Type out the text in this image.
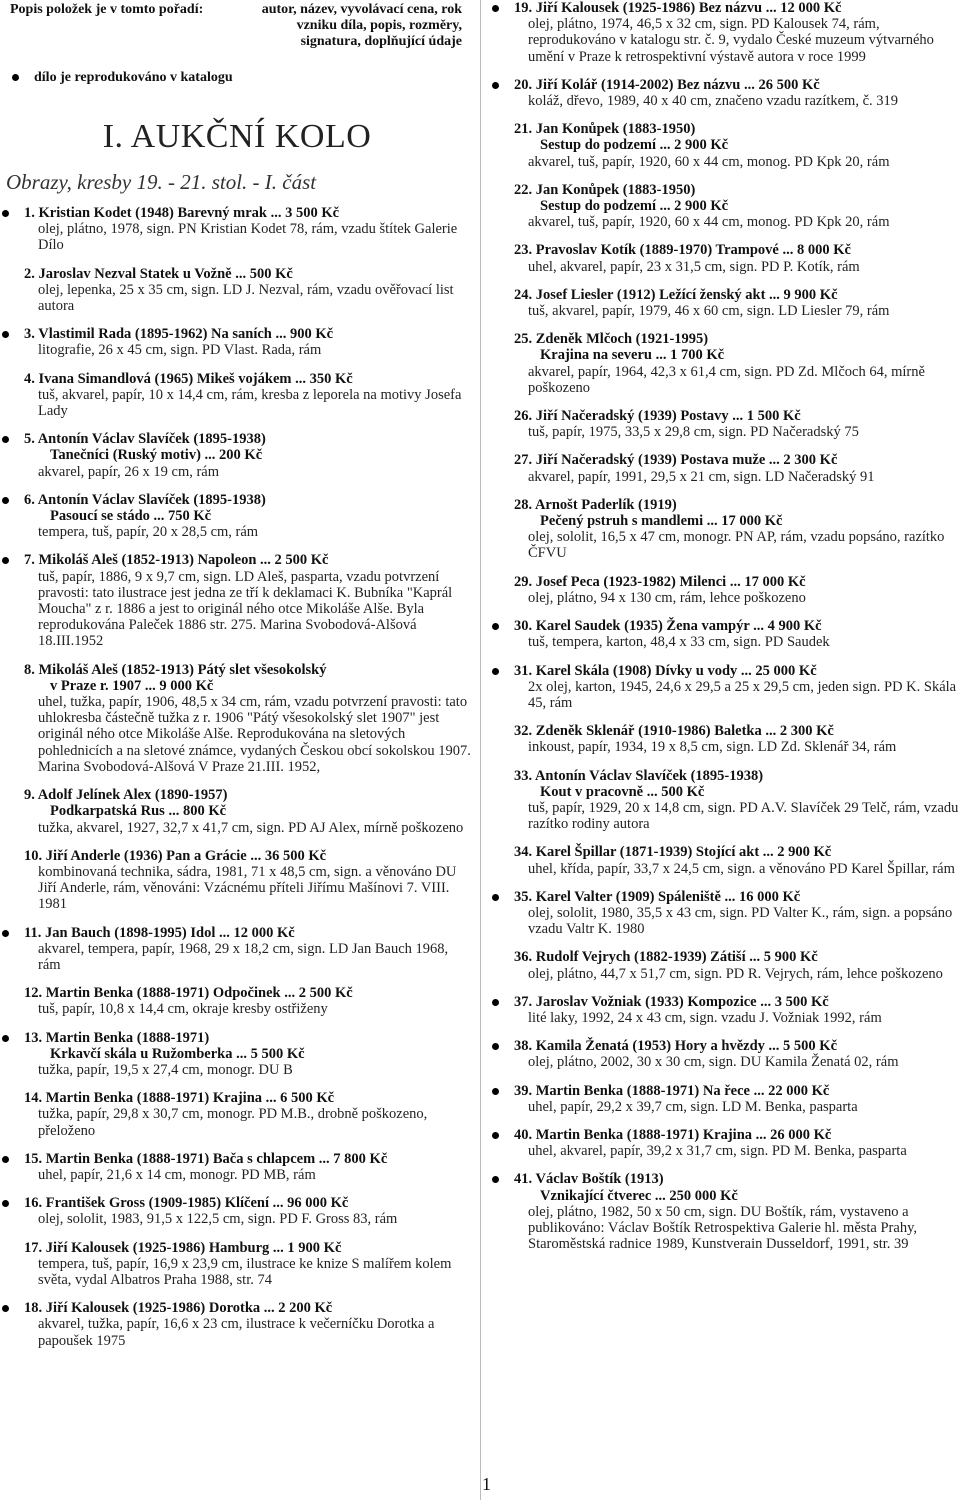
Popis položek je v tomto pořadí:	autor, název, vyvolávací cena, rok vzniku díla, popis, rozměry, signatura, doplňující údaje
dílo je reprodukováno v katalogu
I. AUKČNÍ KOLO
Obrazy, kresby 19. - 21. stol. - I. část
1. Kristian Kodet (1948) Barevný mrak ... 3 500 Kč
olej, plátno, 1978, sign. PN Kristian Kodet 78, rám, vzadu štítek Galerie Dílo
2. Jaroslav Nezval Statek u Vožně ... 500 Kč
olej, lepenka, 25 x 35 cm, sign. LD J. Nezval, rám, vzadu ověřovací list autora
3. Vlastimil Rada (1895-1962) Na saních ... 900 Kč
litografie, 26 x 45 cm, sign. PD Vlast. Rada, rám
4. Ivana Simandlová (1965) Mikeš vojákem ... 350 Kč
tuš, akvarel, papír, 10 x 14,4 cm, rám, kresba z leporela na motivy Josefa Lady
5. Antonín Václav Slavíček (1895-1938)
Tanečníci (Ruský motiv) ... 200 Kč
akvarel, papír, 26 x 19 cm, rám
6. Antonín Václav Slavíček (1895-1938)
Pasoucí se stádo ... 750 Kč
tempera, tuš, papír, 20 x 28,5 cm, rám
7. Mikoláš Aleš (1852-1913) Napoleon ... 2 500 Kč
tuš, papír, 1886, 9 x 9,7 cm, sign. LD Aleš, pasparta, vzadu potvrzení pravosti: tato ilustrace jest jedna ze tří k deklamaci K. Bubníka "Kaprál Moucha" z r. 1886 a jest to originál ného otce Mikoláše Alše. Byla reprodukována Paleček 1886 str. 275. Marina Svobodová-Alšová 18.III.1952
8. Mikoláš Aleš (1852-1913) Pátý slet všesokolský
v Praze r. 1907 ... 9 000 Kč
uhel, tužka, papír, 1906, 48,5 x 34 cm, rám, vzadu potvrzení pravosti: tato uhlokresba částečně tužka z r. 1906 "Pátý všesokolský slet 1907" jest originál ného otce Mikoláše Alše. Reprodukována na sletových pohlednicích a na sletové známce, vydaných Českou obcí sokolskou 1907. Marina Svobodová-Alšová V Praze 21.III. 1952,
9. Adolf Jelínek Alex (1890-1957)
Podkarpatská Rus ... 800 Kč
tužka, akvarel, 1927, 32,7 x 41,7 cm, sign. PD AJ Alex, mírně poškozeno
10. Jiří Anderle (1936) Pan a Grácie ... 36 500 Kč
kombinovaná technika, sádra, 1981, 71 x 48,5 cm, sign. a věnováno DU Jiří Anderle, rám, věnováni: Vzácnému příteli Jiřímu Mašínovi 7. VIII. 1981
11. Jan Bauch (1898-1995) Idol ... 12 000 Kč
akvarel, tempera, papír, 1968, 29 x 18,2 cm, sign. LD Jan Bauch 1968, rám
12. Martin Benka (1888-1971) Odpočinek ... 2 500 Kč
tuš, papír, 10,8 x 14,4 cm, okraje kresby ostřiženy
13. Martin Benka (1888-1971)
Krkavčí skála u Ružomberka ... 5 500 Kč
tužka, papír, 19,5 x 27,4 cm, monogr. DU B
14. Martin Benka (1888-1971) Krajina ... 6 500 Kč
tužka, papír, 29,8 x 30,7 cm, monogr. PD M.B., drobně poškozeno, přeloženo
15. Martin Benka (1888-1971) Bača s chlapcem ... 7 800 Kč
uhel, papír, 21,6 x 14 cm, monogr. PD MB, rám
16. František Gross (1909-1985) Klíčení ... 96 000 Kč
olej, sololit, 1983, 91,5 x 122,5 cm, sign. PD F. Gross 83, rám
17. Jiří Kalousek (1925-1986) Hamburg ... 1 900 Kč
tempera, tuš, papír, 16,9 x 23,9 cm, ilustrace ke knize S malířem kolem světa, vydal Albatros Praha 1988, str. 74
18. Jiří Kalousek (1925-1986) Dorotka ... 2 200 Kč
akvarel, tužka, papír, 16,6 x 23 cm, ilustrace k večerníčku Dorotka a papoušek 1975
19. Jiří Kalousek (1925-1986) Bez názvu ... 12 000 Kč
olej, plátno, 1974, 46,5 x 32 cm, sign. PD Kalousek 74, rám, reprodukováno v katalogu str. č. 9, vydalo České muzeum výtvarného umění v Praze k retrospektivní výstavě autora v roce 1999
20. Jiří Kolář (1914-2002) Bez názvu ... 26 500 Kč
koláž, dřevo, 1989, 40 x 40 cm, značeno vzadu razítkem, č. 319
21. Jan Konůpek (1883-1950)
Sestup do podzemí ... 2 900 Kč
akvarel, tuš, papír, 1920, 60 x 44 cm, monog. PD Kpk 20, rám
22. Jan Konůpek (1883-1950)
Sestup do podzemí ... 2 900 Kč
akvarel, tuš, papír, 1920, 60 x 44 cm, monog. PD Kpk 20, rám
23. Pravoslav Kotík (1889-1970) Trampové ... 8 000 Kč
uhel, akvarel, papír, 23 x 31,5 cm, sign. PD P. Kotík, rám
24. Josef Liesler (1912) Ležící ženský akt ... 9 900 Kč
tuš, akvarel, papír, 1979, 46 x 60 cm, sign. LD Liesler 79, rám
25. Zdeněk Mlčoch (1921-1995)
Krajina na severu ... 1 700 Kč
akvarel, papír, 1964, 42,3 x 61,4 cm, sign. PD Zd. Mlčoch 64, mírně poškozeno
26. Jiří Načeradský (1939) Postavy ... 1 500 Kč
tuš, papír, 1975, 33,5 x 29,8 cm, sign. PD Načeradský 75
27. Jiří Načeradský (1939) Postava muže ... 2 300 Kč
akvarel, papír, 1991, 29,5 x 21 cm, sign. LD Načeradský 91
28. Arnošt Paderlík (1919)
Pečený pstruh s mandlemi ... 17 000 Kč
olej, sololit, 16,5 x 47 cm, monogr. PN AP, rám, vzadu popsáno, razítko ČFVU
29. Josef Peca (1923-1982) Milenci ... 17 000 Kč
olej, plátno, 94 x 130 cm, rám, lehce poškozeno
30. Karel Saudek (1935) Žena vampýr ... 4 900 Kč
tuš, tempera, karton, 48,4 x 33 cm, sign. PD Saudek
31. Karel Skála (1908) Dívky u vody ... 25 000 Kč
2x olej, karton, 1945, 24,6 x 29,5 a 25 x 29,5 cm, jeden sign. PD K. Skála 45, rám
32. Zdeněk Sklenář (1910-1986) Baletka ... 2 300 Kč
inkoust, papír, 1934, 19 x 8,5 cm, sign. LD Zd. Sklenář 34, rám
33. Antonín Václav Slavíček (1895-1938)
Kout v pracovně ... 500 Kč
tuš, papír, 1929, 20 x 14,8 cm, sign. PD A.V. Slavíček 29 Telč, rám, vzadu razítko rodiny autora
34. Karel Špillar (1871-1939) Stojící akt ... 2 900 Kč
uhel, křída, papír, 33,7 x 24,5 cm, sign. a věnováno PD Karel Špillar, rám
35. Karel Valter (1909) Spáleniště ... 16 000 Kč
olej, sololit, 1980, 35,5 x 43 cm, sign. PD Valter K., rám, sign. a popsáno vzadu Valtr K. 1980
36. Rudolf Vejrych (1882-1939) Zátiší ... 5 900 Kč
olej, plátno, 44,7 x 51,7 cm, sign. PD R. Vejrych, rám, lehce poškozeno
37. Jaroslav Vožniak (1933) Kompozice ... 3 500 Kč
lité laky, 1992, 24 x 43 cm, sign. vzadu J. Vožniak 1992, rám
38. Kamila Ženatá (1953) Hory a hvězdy ... 5 500 Kč
olej, plátno, 2002, 30 x 30 cm, sign. DU Kamila Ženatá 02, rám
39. Martin Benka (1888-1971) Na řece ... 22 000 Kč
uhel, papír, 29,2 x 39,7 cm, sign. LD M. Benka, pasparta
40. Martin Benka (1888-1971) Krajina ... 26 000 Kč
uhel, akvarel, papír, 39,2 x 31,7 cm, sign. PD M. Benka, pasparta
41. Václav Boštík (1913)
Vznikající čtverec ... 250 000 Kč
olej, plátno, 1982, 50 x 50 cm, sign. DU Boštík, rám, vystaveno a publikováno: Václav Boštík Retrospektiva Galerie hl. města Prahy, Staroměstská radnice 1989, Kunstverain Dusseldorf, 1991, str. 39
1
